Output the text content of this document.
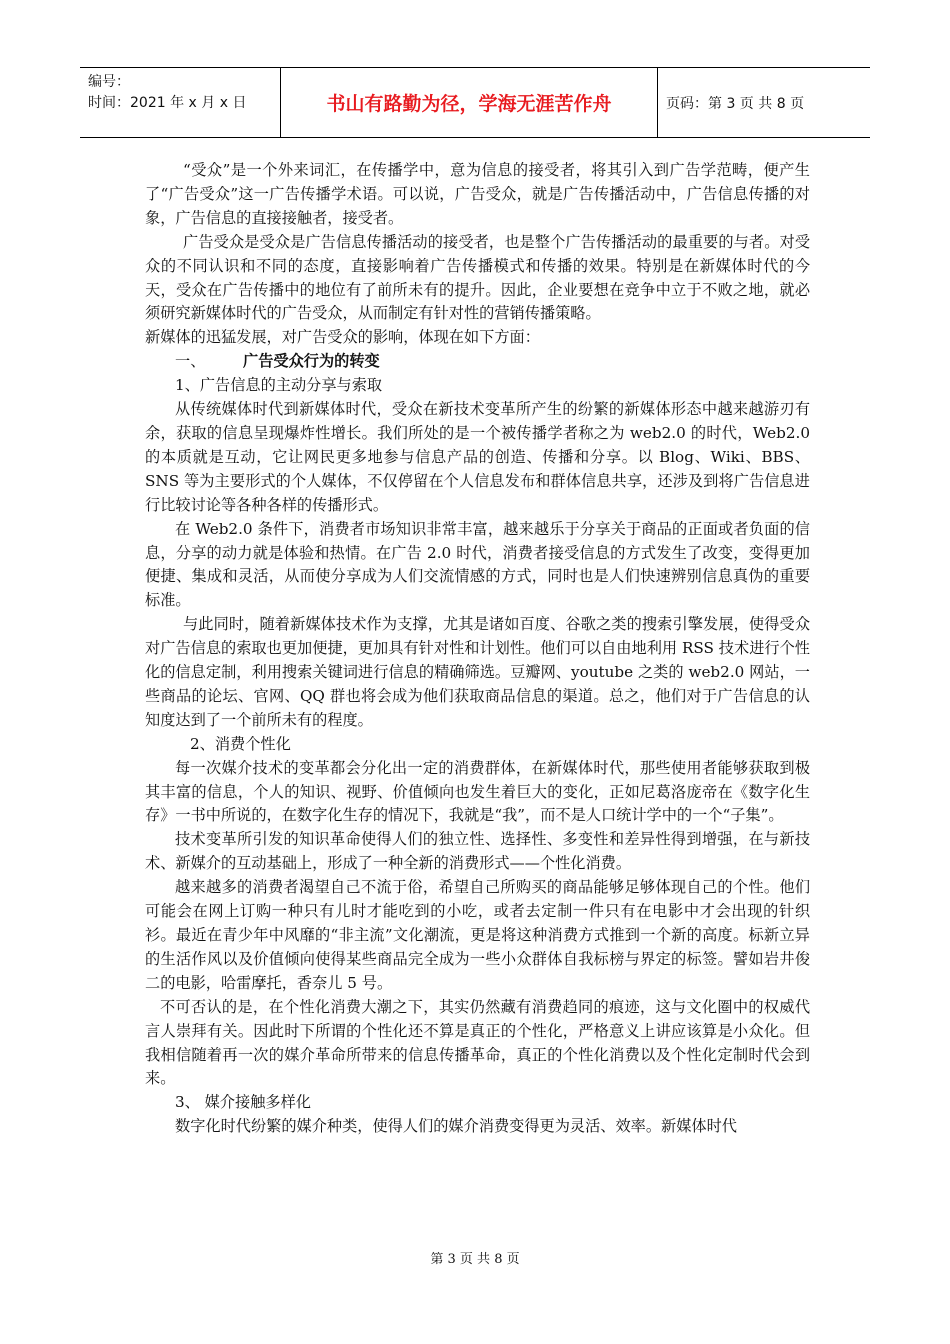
编号：
时间：2021 年 x 月 x 日	书山有路勤为径，学海无涯苦作舟	页码：第 3 页 共 8 页

“受众”是一个外来词汇，在传播学中，意为信息的接受者，将其引入到广告学范畴，便产生了“广告受众”这一广告传播学术语。可以说，广告受众，就是广告传播活动中，广告信息传播的对象，广告信息的直接接触者，接受者。

广告受众是受众是广告信息传播活动的接受者，也是整个广告传播活动的最重要的与者。对受众的不同认识和不同的态度，直接影响着广告传播模式和传播的效果。特别是在新媒体时代的今天，受众在广告传播中的地位有了前所未有的提升。因此，企业要想在竞争中立于不败之地，就必须研究新媒体时代的广告受众，从而制定有针对性的营销传播策略。

新媒体的迅猛发展，对广告受众的影响，体现在如下方面：

一、 广告受众行为的转变

1、广告信息的主动分享与索取

从传统媒体时代到新媒体时代，受众在新技术变革所产生的纷繁的新媒体形态中越来越游刃有余，获取的信息呈现爆炸性增长。我们所处的是一个被传播学者称之为 web2.0 的时代，Web2.0 的本质就是互动，它让网民更多地参与信息产品的创造、传播和分享。以 Blog、Wiki、BBS、SNS 等为主要形式的个人媒体，不仅停留在个人信息发布和群体信息共享，还涉及到将广告信息进行比较讨论等各种各样的传播形式。

在 Web2.0 条件下，消费者市场知识非常丰富，越来越乐于分享关于商品的正面或者负面的信息，分享的动力就是体验和热情。在广告 2.0 时代，消费者接受信息的方式发生了改变，变得更加便捷、集成和灵活，从而使分享成为人们交流情感的方式，同时也是人们快速辨别信息真伪的重要标准。

与此同时，随着新媒体技术作为支撑，尤其是诸如百度、谷歌之类的搜索引擎发展，使得受众对广告信息的索取也更加便捷，更加具有针对性和计划性。他们可以自由地利用 RSS 技术进行个性化的信息定制，利用搜索关键词进行信息的精确筛选。豆瓣网、youtube 之类的 web2.0 网站，一些商品的论坛、官网、QQ 群也将会成为他们获取商品信息的渠道。总之，他们对于广告信息的认知度达到了一个前所未有的程度。

2、消费个性化

每一次媒介技术的变革都会分化出一定的消费群体，在新媒体时代，那些使用者能够获取到极其丰富的信息，个人的知识、视野、价值倾向也发生着巨大的变化，正如尼葛洛庞帝在《数字化生存》一书中所说的，在数字化生存的情况下，我就是“我”，而不是人口统计学中的一个“子集”。

技术变革所引发的知识革命使得人们的独立性、选择性、多变性和差异性得到增强，在与新技术、新媒介的互动基础上，形成了一种全新的消费形式——个性化消费。

越来越多的消费者渴望自己不流于俗，希望自己所购买的商品能够足够体现自己的个性。他们可能会在网上订购一种只有儿时才能吃到的小吃，或者去定制一件只有在电影中才会出现的针织衫。最近在青少年中风靡的“非主流”文化潮流，更是将这种消费方式推到一个新的高度。标新立异的生活作风以及价值倾向使得某些商品完全成为一些小众群体自我标榜与界定的标签。譬如岩井俊二的电影，哈雷摩托，香奈儿 5 号。

不可否认的是，在个性化消费大潮之下，其实仍然藏有消费趋同的痕迹，这与文化圈中的权威代言人崇拜有关。因此时下所谓的个性化还不算是真正的个性化，严格意义上讲应该算是小众化。但我相信随着再一次的媒介革命所带来的信息传播革命，真正的个性化消费以及个性化定制时代会到来。

3、 媒介接触多样化

数字化时代纷繁的媒介种类，使得人们的媒介消费变得更为灵活、效率。新媒体时代

第 3 页 共 8 页
